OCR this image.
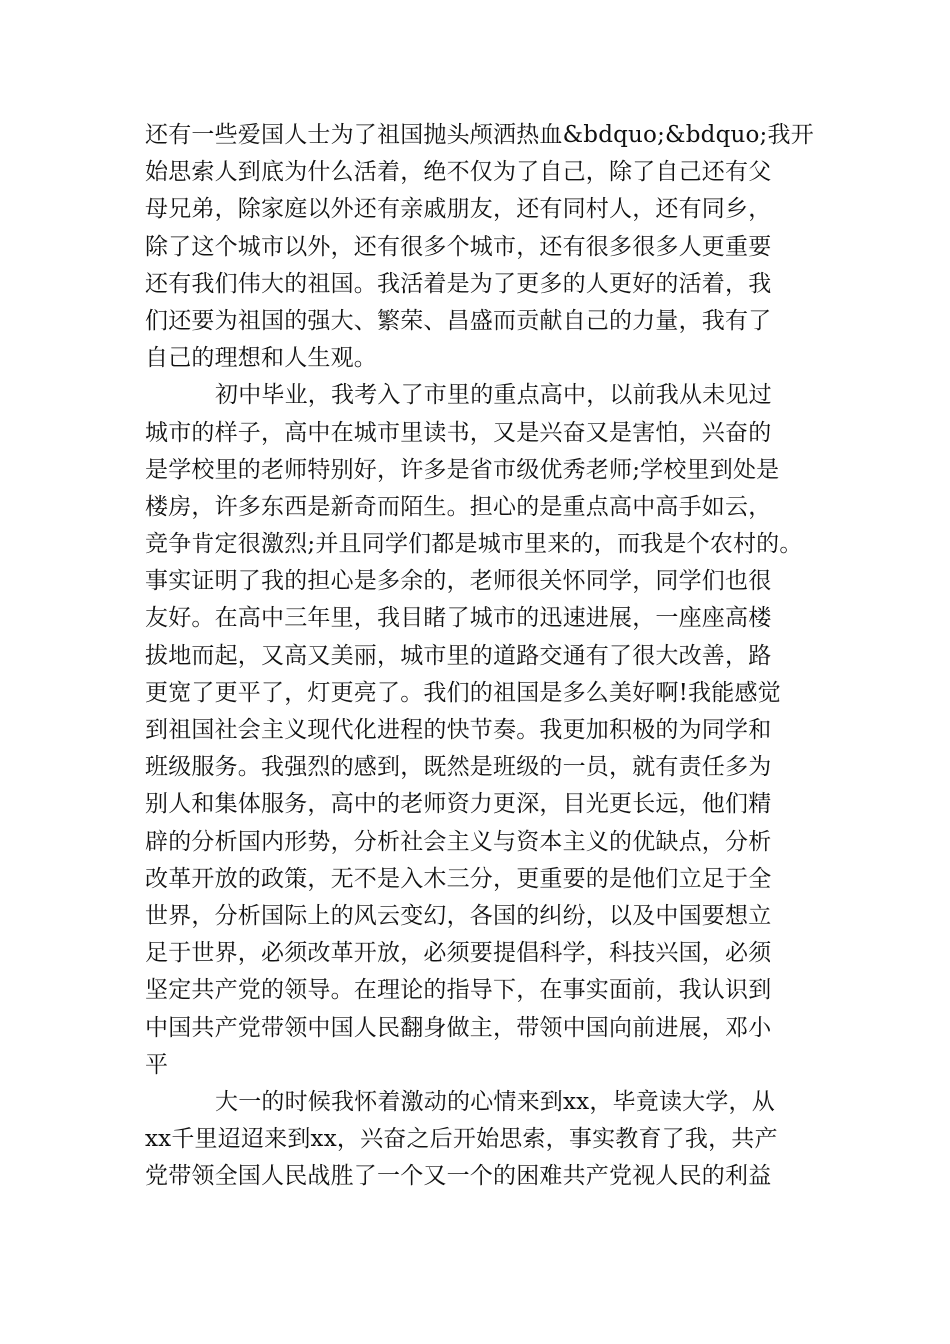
还有一些爱国人士为了祖国抛头颅洒热血&bdquo;&bdquo;我开
始思索人到底为什么活着，绝不仅为了自己，除了自己还有父
母兄弟，除家庭以外还有亲戚朋友，还有同村人，还有同乡，
除了这个城市以外，还有很多个城市，还有很多很多人更重要
还有我们伟大的祖国。我活着是为了更多的人更好的活着，我
们还要为祖国的强大、繁荣、昌盛而贡献自己的力量，我有了
自己的理想和人生观。
初中毕业，我考入了市里的重点高中，以前我从未见过
城市的样子，高中在城市里读书，又是兴奋又是害怕，兴奋的
是学校里的老师特别好，许多是省市级优秀老师;学校里到处是
楼房，许多东西是新奇而陌生。担心的是重点高中高手如云，
竞争肯定很激烈;并且同学们都是城市里来的，而我是个农村的。
事实证明了我的担心是多余的，老师很关怀同学，同学们也很
友好。在高中三年里，我目睹了城市的迅速进展，一座座高楼
拔地而起，又高又美丽，城市里的道路交通有了很大改善，路
更宽了更平了，灯更亮了。我们的祖国是多么美好啊!我能感觉
到祖国社会主义现代化进程的快节奏。我更加积极的为同学和
班级服务。我强烈的感到，既然是班级的一员，就有责任多为
别人和集体服务，高中的老师资力更深，目光更长远，他们精
辟的分析国内形势，分析社会主义与资本主义的优缺点，分析
改革开放的政策，无不是入木三分，更重要的是他们立足于全
世界，分析国际上的风云变幻，各国的纠纷，以及中国要想立
足于世界，必须改革开放，必须要提倡科学，科技兴国，必须
坚定共产党的领导。在理论的指导下，在事实面前，我认识到
中国共产党带领中国人民翻身做主，带领中国向前进展，邓小
平
大一的时候我怀着激动的心情来到xx，毕竟读大学，从
xx千里迢迢来到xx，兴奋之后开始思索，事实教育了我，共产
党带领全国人民战胜了一个又一个的困难共产党视人民的利益
